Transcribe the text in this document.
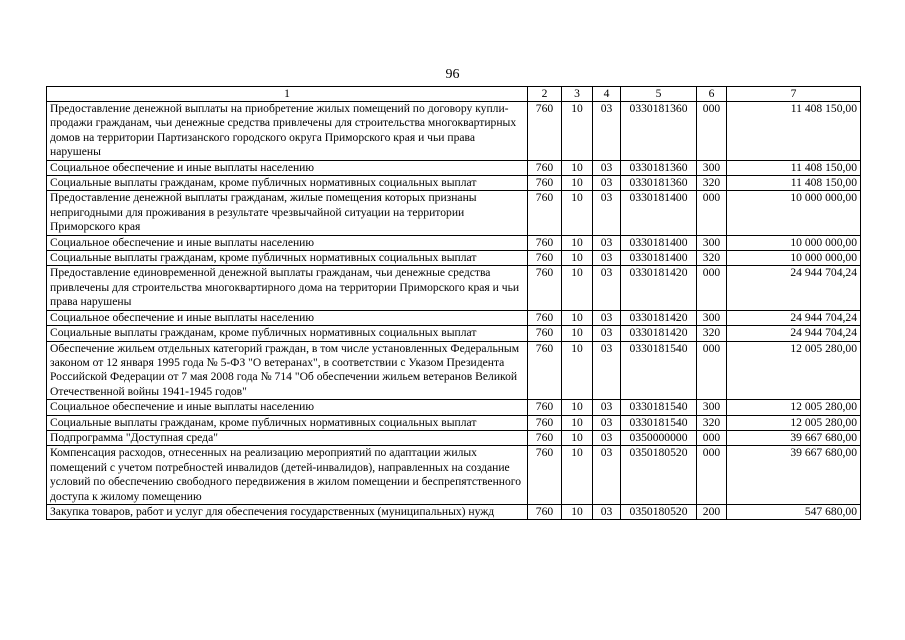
96
1	2	3	4	5	6	7
Предоставление денежной выплаты на приобретение жилых помещений по договору купли-продажи гражданам, чьи денежные средства привлечены для строительства многоквартирных домов на территории Партизанского городского округа Приморского края и чьи права нарушены	760	10	03	0330181360	000	11 408 150,00
Социальное обеспечение и иные выплаты населению	760	10	03	0330181360	300	11 408 150,00
Социальные выплаты гражданам, кроме публичных нормативных социальных выплат	760	10	03	0330181360	320	11 408 150,00
Предоставление денежной выплаты гражданам, жилые помещения которых признаны непригодными для проживания в результате чрезвычайной ситуации на территории Приморского края	760	10	03	0330181400	000	10 000 000,00
Социальное обеспечение и иные выплаты населению	760	10	03	0330181400	300	10 000 000,00
Социальные выплаты гражданам, кроме публичных нормативных социальных выплат	760	10	03	0330181400	320	10 000 000,00
Предоставление единовременной денежной выплаты гражданам, чьи денежные средства привлечены для строительства многоквартирного дома на территории Приморского края и чьи права нарушены	760	10	03	0330181420	000	24 944 704,24
Социальное обеспечение и иные выплаты населению	760	10	03	0330181420	300	24 944 704,24
Социальные выплаты гражданам, кроме публичных нормативных социальных выплат	760	10	03	0330181420	320	24 944 704,24
Обеспечение жильем отдельных категорий граждан, в том числе установленных Федеральным законом от 12 января 1995 года № 5-ФЗ "О ветеранах", в соответствии с Указом Президента Российской Федерации от 7 мая 2008 года № 714 "Об обеспечении жильем ветеранов Великой Отечественной войны 1941-1945 годов"	760	10	03	0330181540	000	12 005 280,00
Социальное обеспечение и иные выплаты населению	760	10	03	0330181540	300	12 005 280,00
Социальные выплаты гражданам, кроме публичных нормативных социальных выплат	760	10	03	0330181540	320	12 005 280,00
Подпрограмма "Доступная среда"	760	10	03	0350000000	000	39 667 680,00
Компенсация расходов, отнесенных на реализацию мероприятий по адаптации жилых помещений с учетом потребностей инвалидов (детей-инвалидов), направленных на создание условий по обеспечению свободного передвижения в жилом помещении и беспрепятственного доступа к жилому помещению	760	10	03	0350180520	000	39 667 680,00
Закупка товаров, работ и услуг для обеспечения государственных (муниципальных) нужд	760	10	03	0350180520	200	547 680,00
